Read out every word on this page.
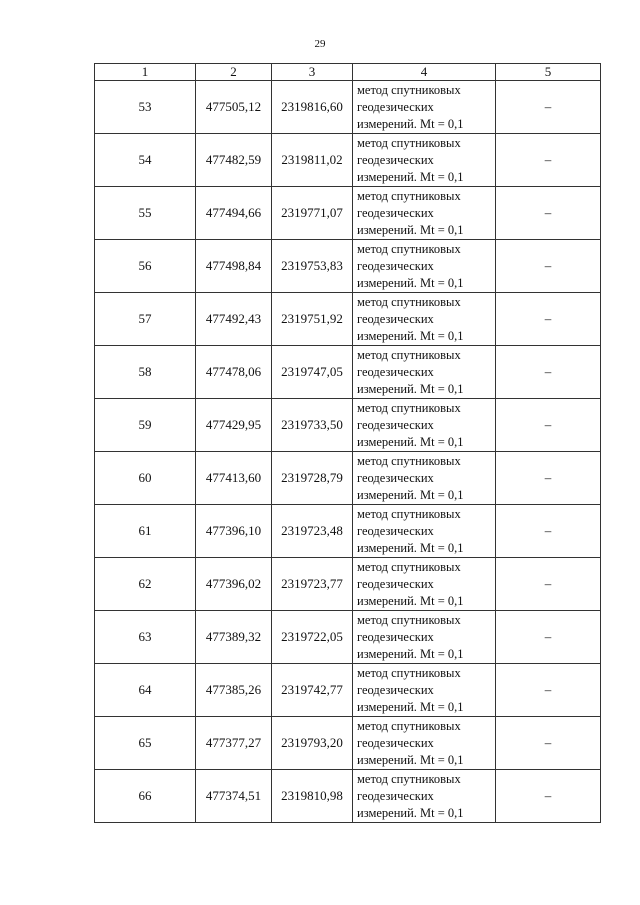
29
1	2	3	4	5
53	477505,12	2319816,60	метод спутниковых
геодезических
измерений. Mt = 0,1	–
54	477482,59	2319811,02	метод спутниковых
геодезических
измерений. Mt = 0,1	–
55	477494,66	2319771,07	метод спутниковых
геодезических
измерений. Mt = 0,1	–
56	477498,84	2319753,83	метод спутниковых
геодезических
измерений. Mt = 0,1	–
57	477492,43	2319751,92	метод спутниковых
геодезических
измерений. Mt = 0,1	–
58	477478,06	2319747,05	метод спутниковых
геодезических
измерений. Mt = 0,1	–
59	477429,95	2319733,50	метод спутниковых
геодезических
измерений. Mt = 0,1	–
60	477413,60	2319728,79	метод спутниковых
геодезических
измерений. Mt = 0,1	–
61	477396,10	2319723,48	метод спутниковых
геодезических
измерений. Mt = 0,1	–
62	477396,02	2319723,77	метод спутниковых
геодезических
измерений. Mt = 0,1	–
63	477389,32	2319722,05	метод спутниковых
геодезических
измерений. Mt = 0,1	–
64	477385,26	2319742,77	метод спутниковых
геодезических
измерений. Mt = 0,1	–
65	477377,27	2319793,20	метод спутниковых
геодезических
измерений. Mt = 0,1	–
66	477374,51	2319810,98	метод спутниковых
геодезических
измерений. Mt = 0,1	–
